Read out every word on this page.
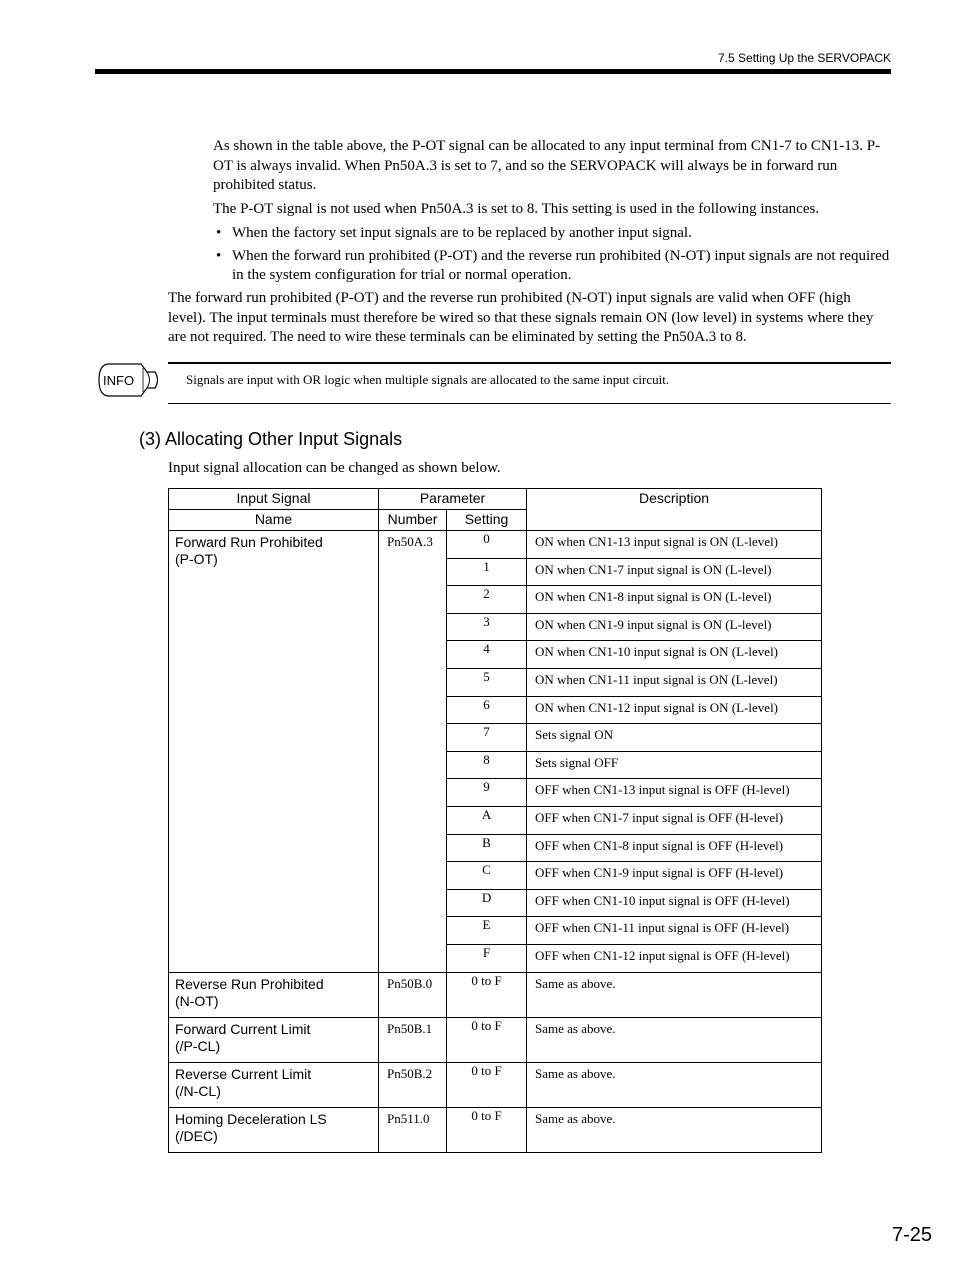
7.5 Setting Up the SERVOPACK

As shown in the table above, the P-OT signal can be allocated to any input terminal from CN1-7 to CN1-13. P-OT is always invalid. When Pn50A.3 is set to 7, and so the SERVOPACK will always be in forward run prohibited status.

The P-OT signal is not used when Pn50A.3 is set to 8. This setting is used in the following instances.

• When the factory set input signals are to be replaced by another input signal.
• When the forward run prohibited (P-OT) and the reverse run prohibited (N-OT) input signals are not required in the system configuration for trial or normal operation.

The forward run prohibited (P-OT) and the reverse run prohibited (N-OT) input signals are valid when OFF (high level). The input terminals must therefore be wired so that these signals remain ON (low level) in systems where they are not required. The need to wire these terminals can be eliminated by setting the Pn50A.3 to 8.

INFO	Signals are input with OR logic when multiple signals are allocated to the same input circuit.
(3) Allocating Other Input Signals
Input signal allocation can be changed as shown below.
Input Signal	Parameter		Description
Name	Number	Setting	

Forward Run Prohibited
(P-OT)	Pn50A.3	0	ON when CN1-13 input signal is ON (L-level)
		1	ON when CN1-7 input signal is ON (L-level)
		2	ON when CN1-8 input signal is ON (L-level)
		3	ON when CN1-9 input signal is ON (L-level)
		4	ON when CN1-10 input signal is ON (L-level)
		5	ON when CN1-11 input signal is ON (L-level)
		6	ON when CN1-12 input signal is ON (L-level)
		7	Sets signal ON
		8	Sets signal OFF
		9	OFF when CN1-13 input signal is OFF (H-level)
		A	OFF when CN1-7 input signal is OFF (H-level)
		B	OFF when CN1-8 input signal is OFF (H-level)
		C	OFF when CN1-9 input signal is OFF (H-level)
		D	OFF when CN1-10 input signal is OFF (H-level)
		E	OFF when CN1-11 input signal is OFF (H-level)
		F	OFF when CN1-12 input signal is OFF (H-level)

Reverse Run Prohibited
(N-OT)	Pn50B.0	0 to F	Same as above.

Forward Current Limit
(/P-CL)	Pn50B.1	0 to F	Same as above.

Reverse Current Limit
(/N-CL)	Pn50B.2	0 to F	Same as above.

Homing Deceleration LS
(/DEC)	Pn511.0	0 to F	Same as above.
7-25
